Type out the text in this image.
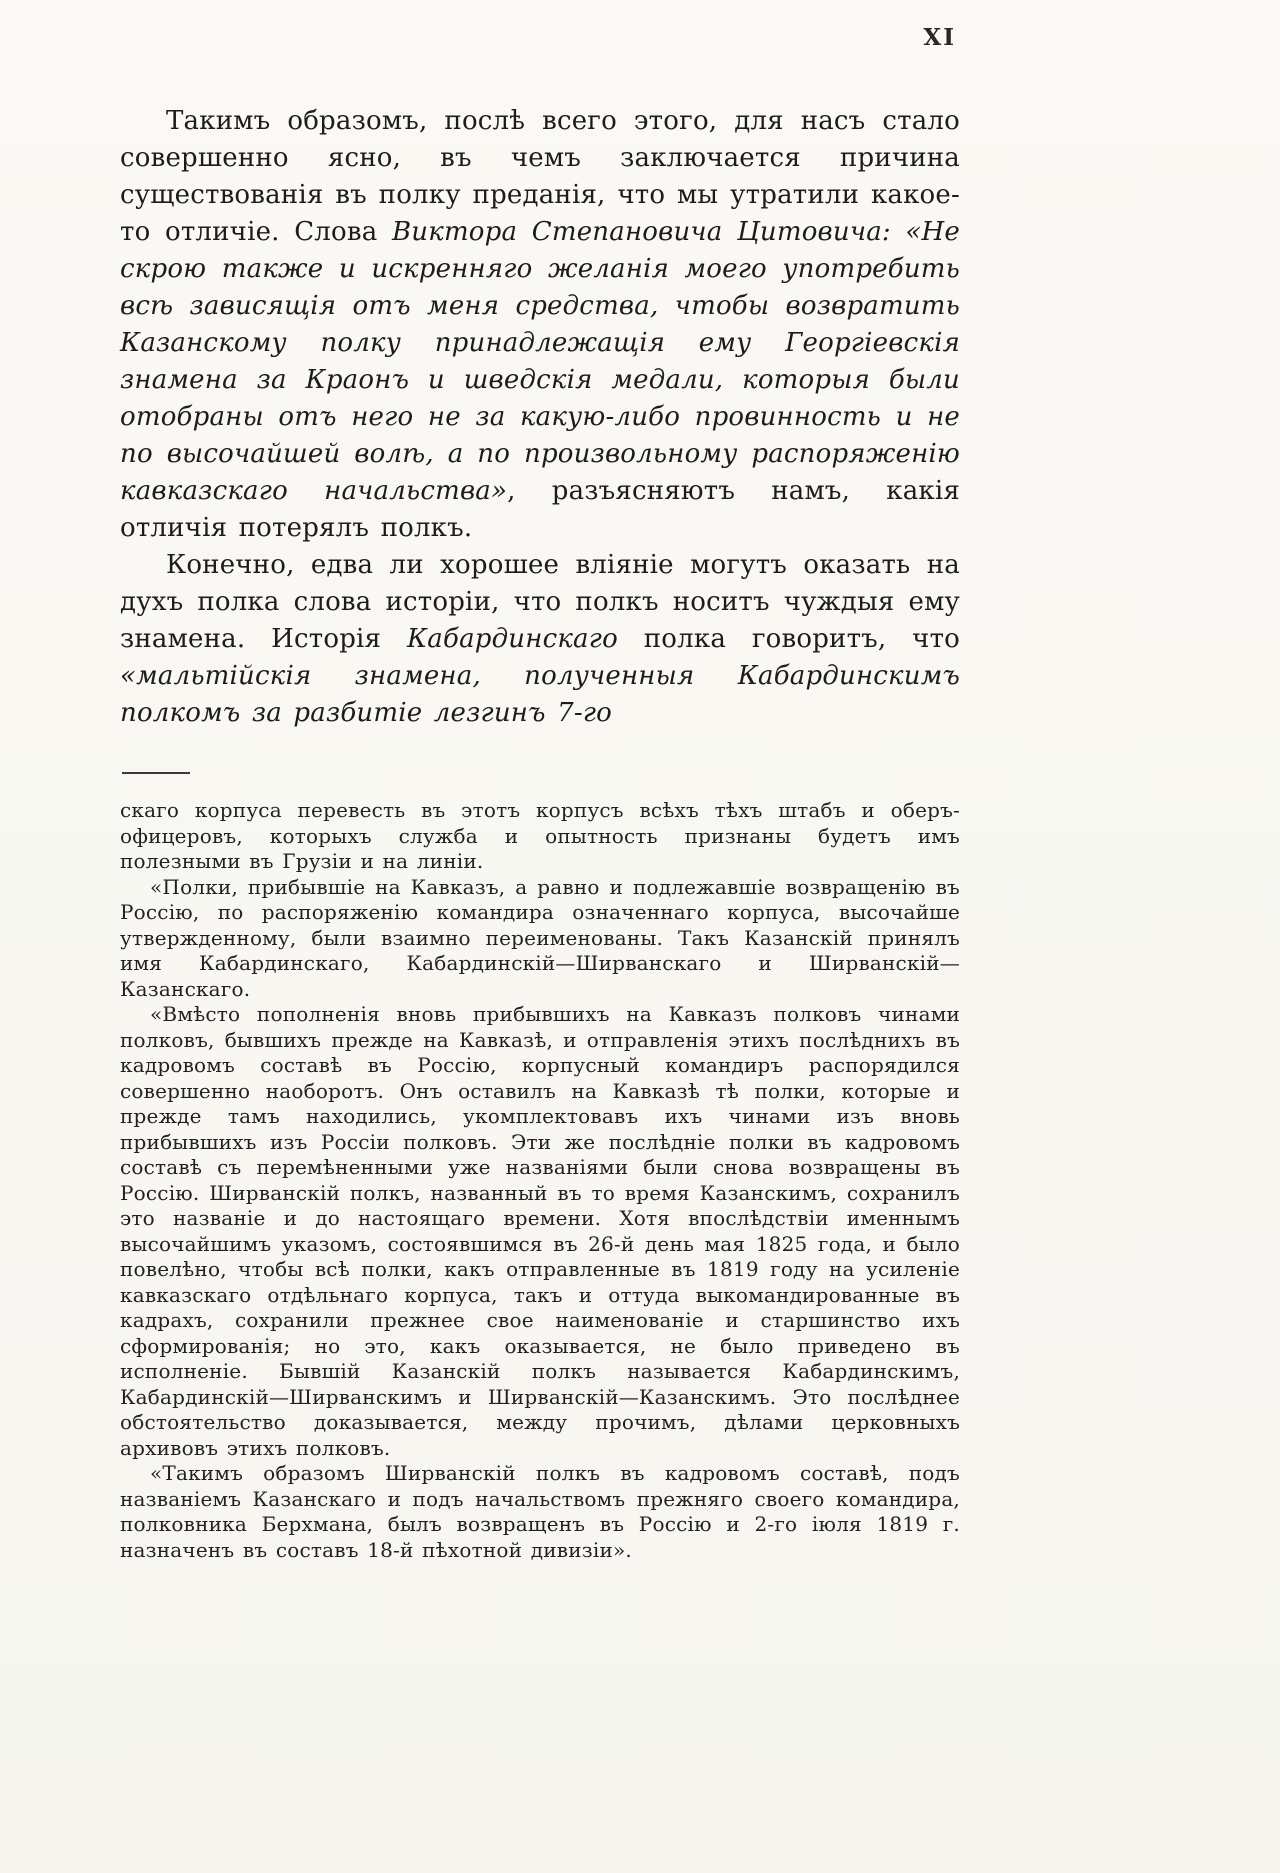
XI

Такимъ образомъ, послѣ всего этого, для насъ стало совершенно ясно, въ чемъ заключается причина существованія въ полку преданія, что мы утратили какое-то отличіе. Слова Виктора Степановича Цитовича: «Не скрою также и искренняго желанія моего употребить всѣ зависящія отъ меня средства, чтобы возвратить Казанскому полку принадлежащія ему Георгіевскія знамена за Краонъ и шведскія медали, которыя были отобраны отъ него не за какую-либо провинность и не по высочайшей волѣ, а по произвольному распоряженію кавказскаго начальства», разъясняютъ намъ, какія отличія потерялъ полкъ.

Конечно, едва ли хорошее вліяніе могутъ оказать на духъ полка слова исторіи, что полкъ носитъ чуждыя ему знамена. Исторія Кабардинскаго полка говоритъ, что «мальтійскія знамена, полученныя Кабардинскимъ полкомъ за разбитіе лезгинъ 7-го

скаго корпуса перевесть въ этотъ корпусъ всѣхъ тѣхъ штабъ и оберъ-офицеровъ, которыхъ служба и опытность признаны будетъ имъ полезными въ Грузіи и на линіи.

«Полки, прибывшіе на Кавказъ, а равно и подлежавшіе возвращенію въ Россію, по распоряженію командира означеннаго корпуса, высочайше утвержденному, были взаимно переименованы. Такъ Казанскій принялъ имя Кабардинскаго, Кабардинскій—Ширванскаго и Ширванскій—Казанскаго.

«Вмѣсто пополненія вновь прибывшихъ на Кавказъ полковъ чинами полковъ, бывшихъ прежде на Кавказѣ, и отправленія этихъ послѣднихъ въ кадровомъ составѣ въ Россію, корпусный командиръ распорядился совершенно наоборотъ. Онъ оставилъ на Кавказѣ тѣ полки, которые и прежде тамъ находились, укомплектовавъ ихъ чинами изъ вновь прибывшихъ изъ Россіи полковъ. Эти же послѣдніе полки въ кадровомъ составѣ съ перемѣненными уже названіями были снова возвращены въ Россію. Ширванскій полкъ, названный въ то время Казанскимъ, сохранилъ это названіе и до настоящаго времени. Хотя впослѣдствіи именнымъ высочайшимъ указомъ, состоявшимся въ 26-й день мая 1825 года, и было повелѣно, чтобы всѣ полки, какъ отправленные въ 1819 году на усиленіе кавказскаго отдѣльнаго корпуса, такъ и оттуда выкомандированные въ кадрахъ, сохранили прежнее свое наименованіе и старшинство ихъ сформированія; но это, какъ оказывается, не было приведено въ исполненіе. Бывшій Казанскій полкъ называется Кабардинскимъ, Кабардинскій—Ширванскимъ и Ширванскій—Казанскимъ. Это послѣднее обстоятельство доказывается, между прочимъ, дѣлами церковныхъ архивовъ этихъ полковъ.

«Такимъ образомъ Ширванскій полкъ въ кадровомъ составѣ, подъ названіемъ Казанскаго и подъ начальствомъ прежняго своего командира, полковника Берхмана, былъ возвращенъ въ Россію и 2-го іюля 1819 г. назначенъ въ составъ 18-й пѣхотной дивизіи».
